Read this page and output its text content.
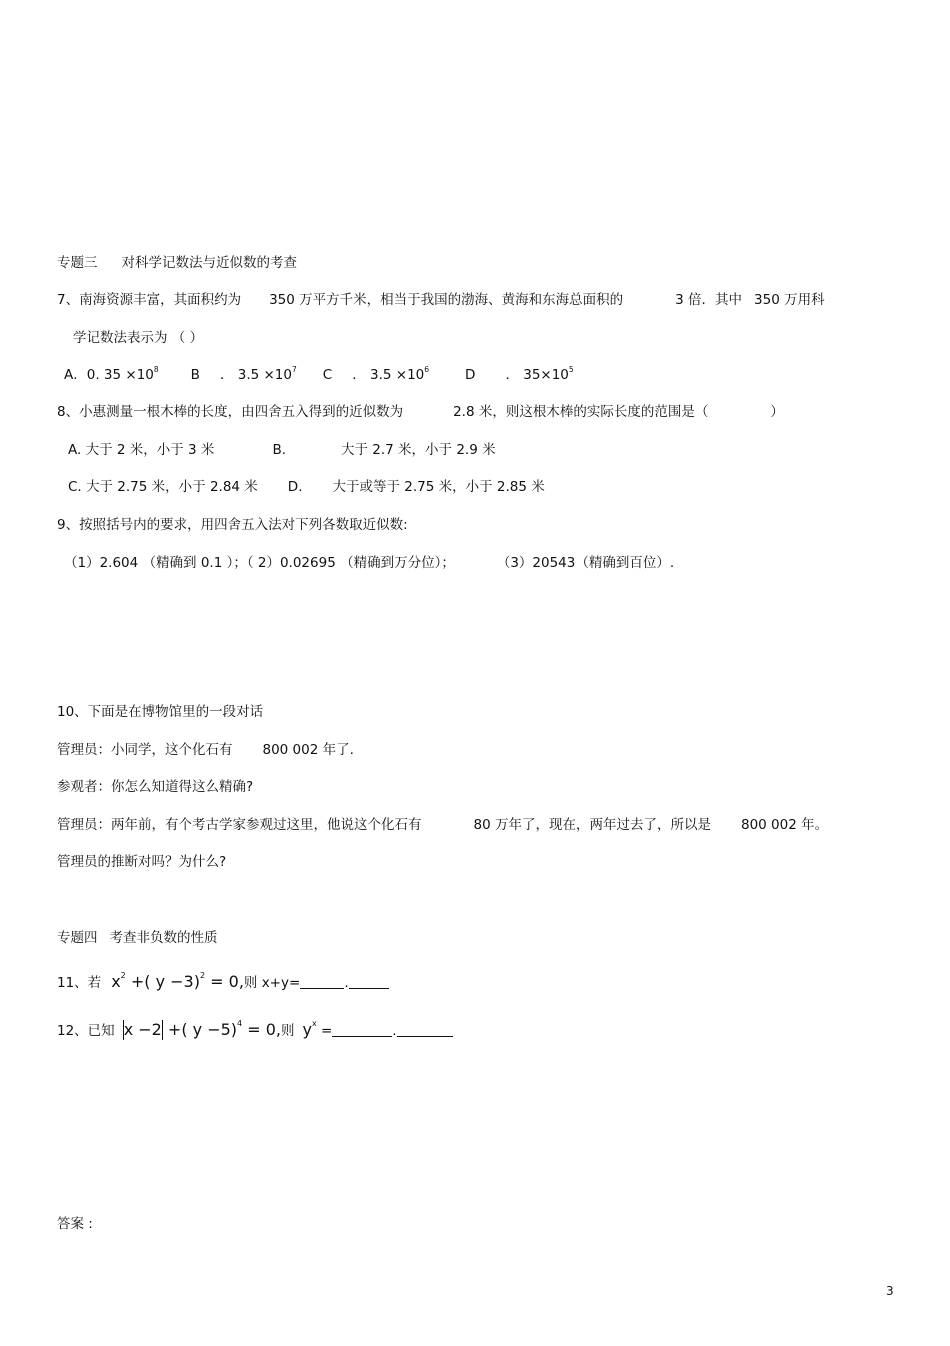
专题三 对科学记数法与近似数的考查
7、南海资源丰富，其面积约为 350 万平方千米，相当于我国的渤海、黄海和东海总面积的	3 倍．其中 350 万用科
学记数法表示为 （ ）
A．0. $35 \times 10^8$ B ． $3.5 \times 10^7$ C ． $3.5 \times 10^6$	D ． $35\times 10^5$
8、小惠测量一根木棒的长度，由四舍五入得到的近似数为	2.8 米，则这根木棒的实际长度的范围是（	）
A. 大于 2 米，小于 3 米	B.	大于 2.7 米，小于 2.9 米
C. 大于 2.75 米，小于 2.84 米 D. 大于或等于 2.75 米，小于 2.85 米
9、按照括号内的要求，用四舍五入法对下列各数取近似数:
（1）2.604 （精确到 0.1 ）；（ 2）0.02695 （精确到万分位）；	（3）20543（精确到百位）.
10、下面是在博物馆里的一段对话
管理员：小同学，这个化石有 800 002 年了.
参观者：你怎么知道得这么精确?
管理员：两年前，有个考古学家参观过这里，他说这个化石有	80 万年了，现在，两年过去了，所以是 800 002 年。
管理员的推断对吗？为什么?
专题四 考查非负数的性质
11、若 $x^2$ +( y −3)$^2$ = 0,则 x+y=	.
12、已知 x −2 +( y −5)$^4$ = 0,则 $y^x$ =	.
答案 :
3
